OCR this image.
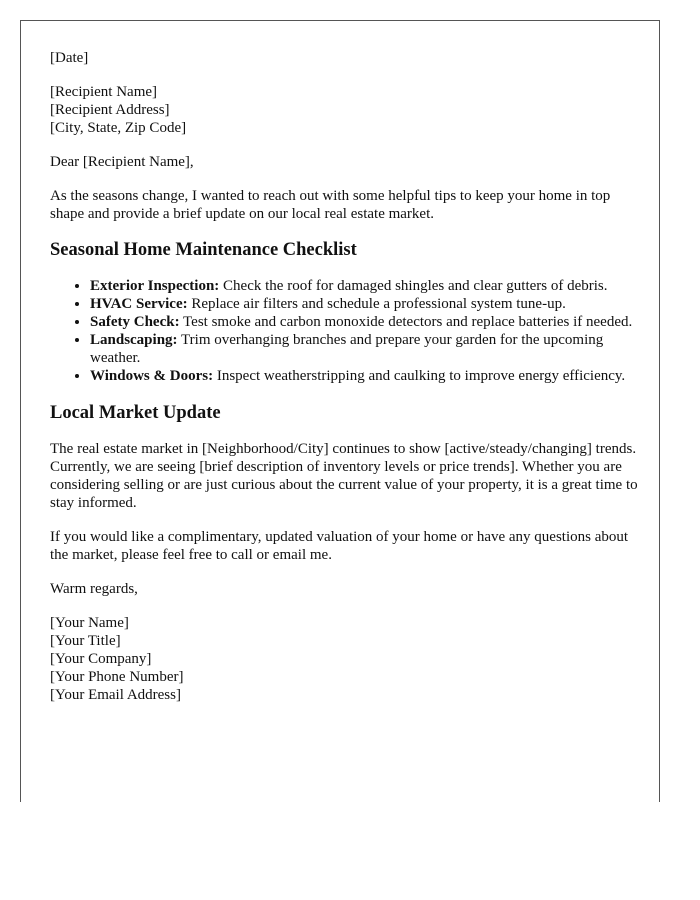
[Date]

[Recipient Name]
[Recipient Address]
[City, State, Zip Code]

Dear [Recipient Name],

As the seasons change, I wanted to reach out with some helpful tips to keep your home in top shape and provide a brief update on our local real estate market.

Seasonal Home Maintenance Checklist
• Exterior Inspection: Check the roof for damaged shingles and clear gutters of debris.
• HVAC Service: Replace air filters and schedule a professional system tune-up.
• Safety Check: Test smoke and carbon monoxide detectors and replace batteries if needed.
• Landscaping: Trim overhanging branches and prepare your garden for the upcoming weather.
• Windows & Doors: Inspect weatherstripping and caulking to improve energy efficiency.
Local Market Update

The real estate market in [Neighborhood/City] continues to show [active/steady/changing] trends. Currently, we are seeing [brief description of inventory levels or price trends]. Whether you are considering selling or are just curious about the current value of your property, it is a great time to stay informed.

If you would like a complimentary, updated valuation of your home or have any questions about the market, please feel free to call or email me.

Warm regards,

[Your Name]
[Your Title]
[Your Company]
[Your Phone Number]
[Your Email Address]
